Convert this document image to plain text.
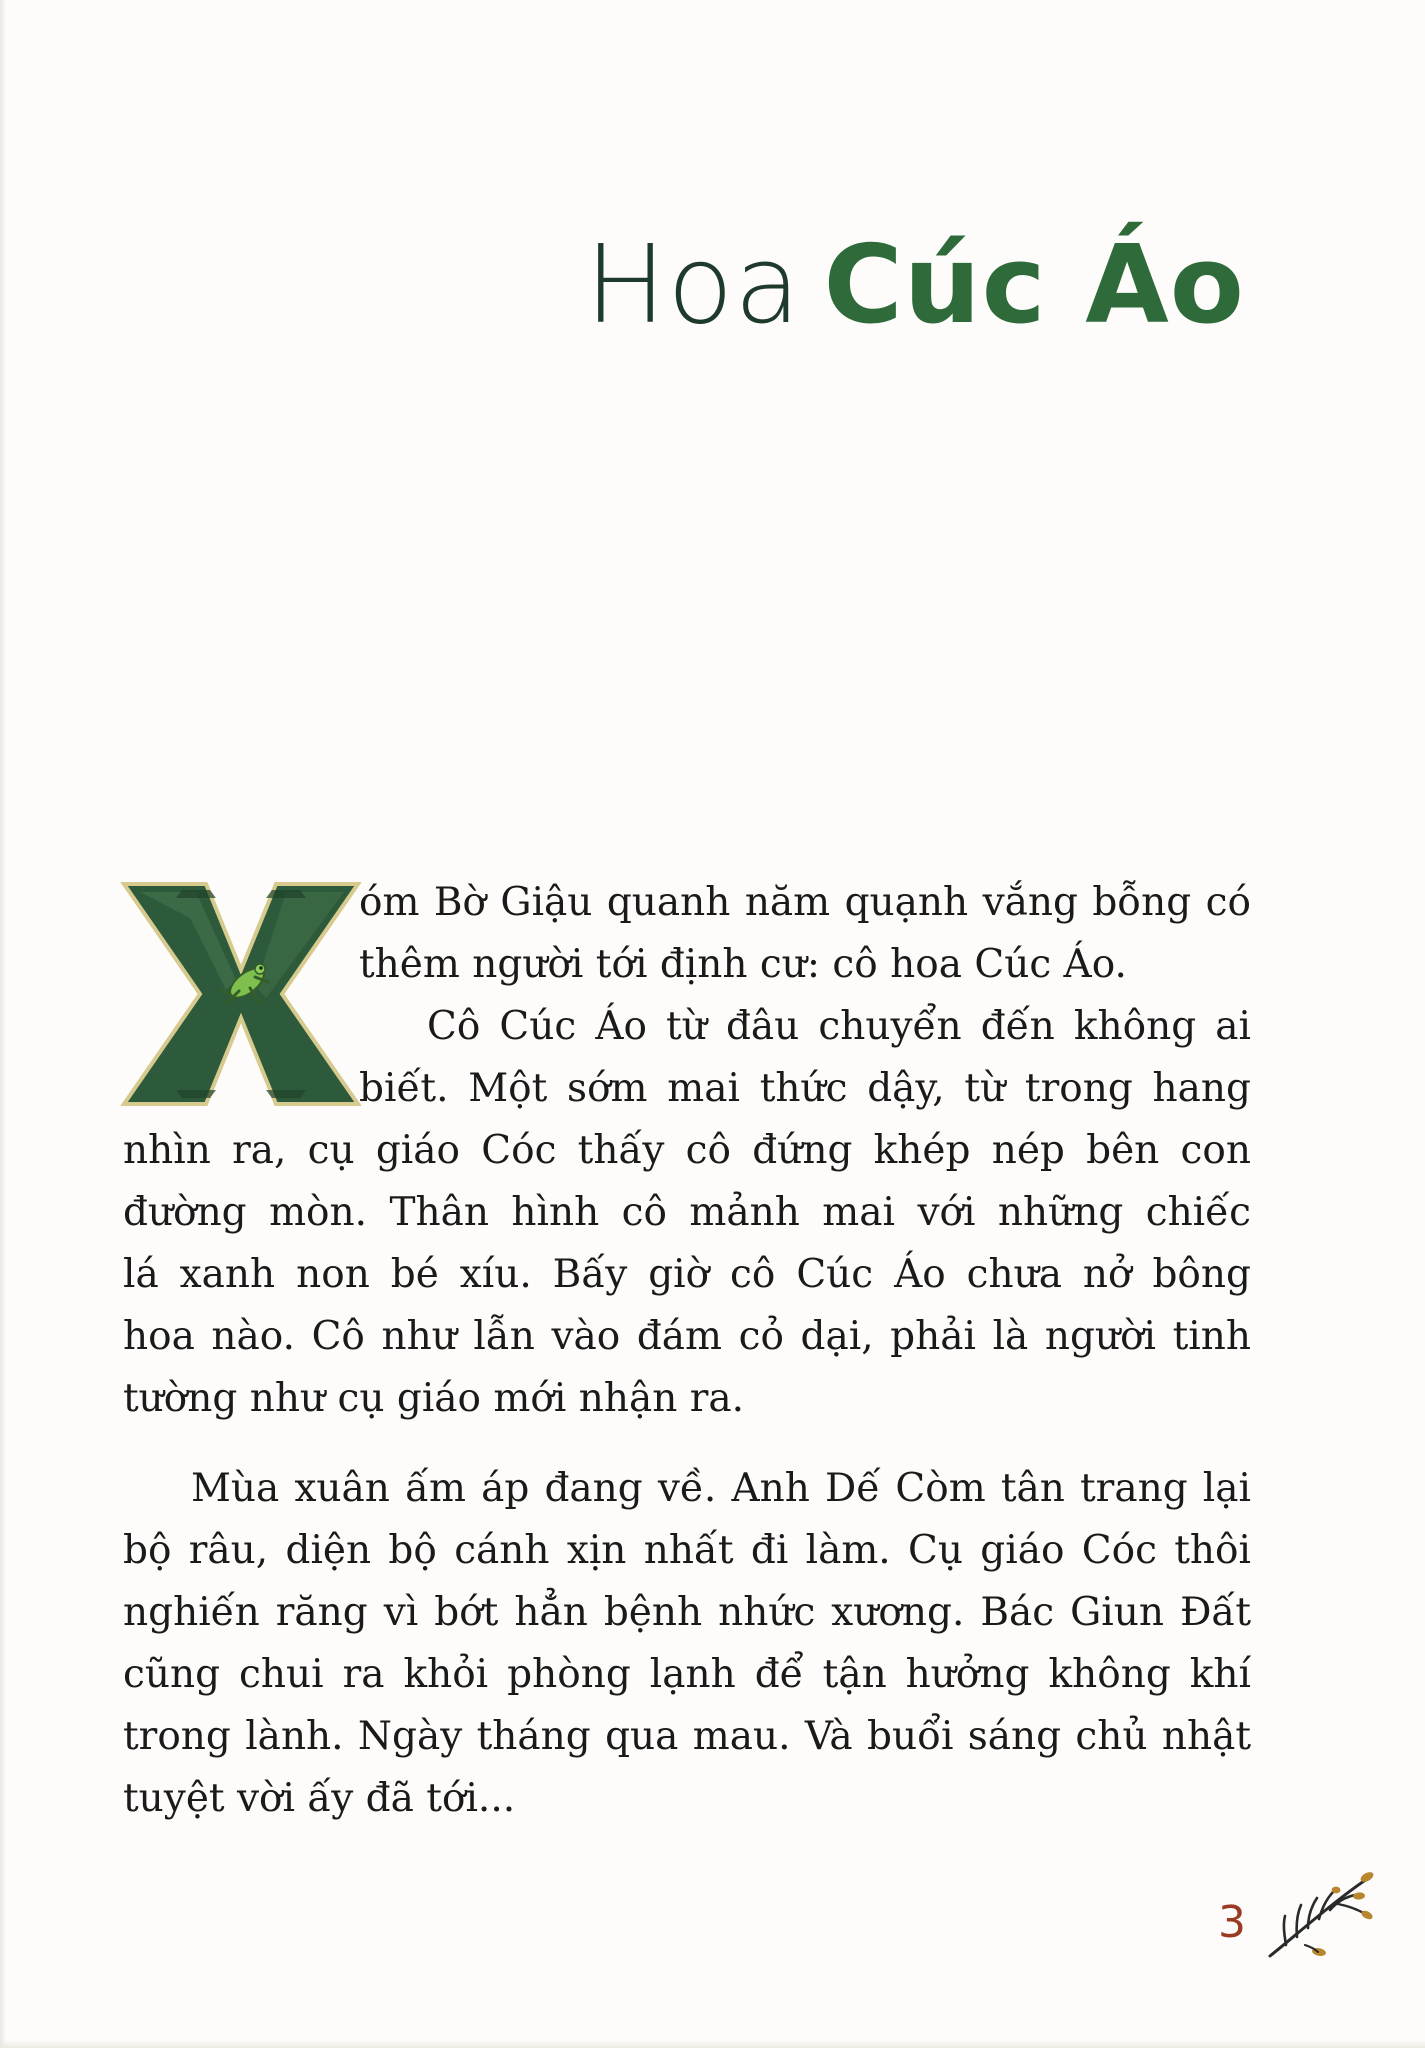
Hoa Cúc Áo
óm Bờ Giậu quanh năm quạnh vắng bỗng có
thêm người tới định cư: cô hoa Cúc Áo.
Cô Cúc Áo từ đâu chuyển đến không ai
biết. Một sớm mai thức dậy, từ trong hang
nhìn ra, cụ giáo Cóc thấy cô đứng khép nép bên con
đường mòn. Thân hình cô mảnh mai với những chiếc
lá xanh non bé xíu. Bấy giờ cô Cúc Áo chưa nở bông
hoa nào. Cô như lẫn vào đám cỏ dại, phải là người tinh
tường như cụ giáo mới nhận ra.
Mùa xuân ấm áp đang về. Anh Dế Còm tân trang lại
bộ râu, diện bộ cánh xịn nhất đi làm. Cụ giáo Cóc thôi
nghiến răng vì bớt hẳn bệnh nhức xương. Bác Giun Đất
cũng chui ra khỏi phòng lạnh để tận hưởng không khí
trong lành. Ngày tháng qua mau. Và buổi sáng chủ nhật
tuyệt vời ấy đã tới...
3
